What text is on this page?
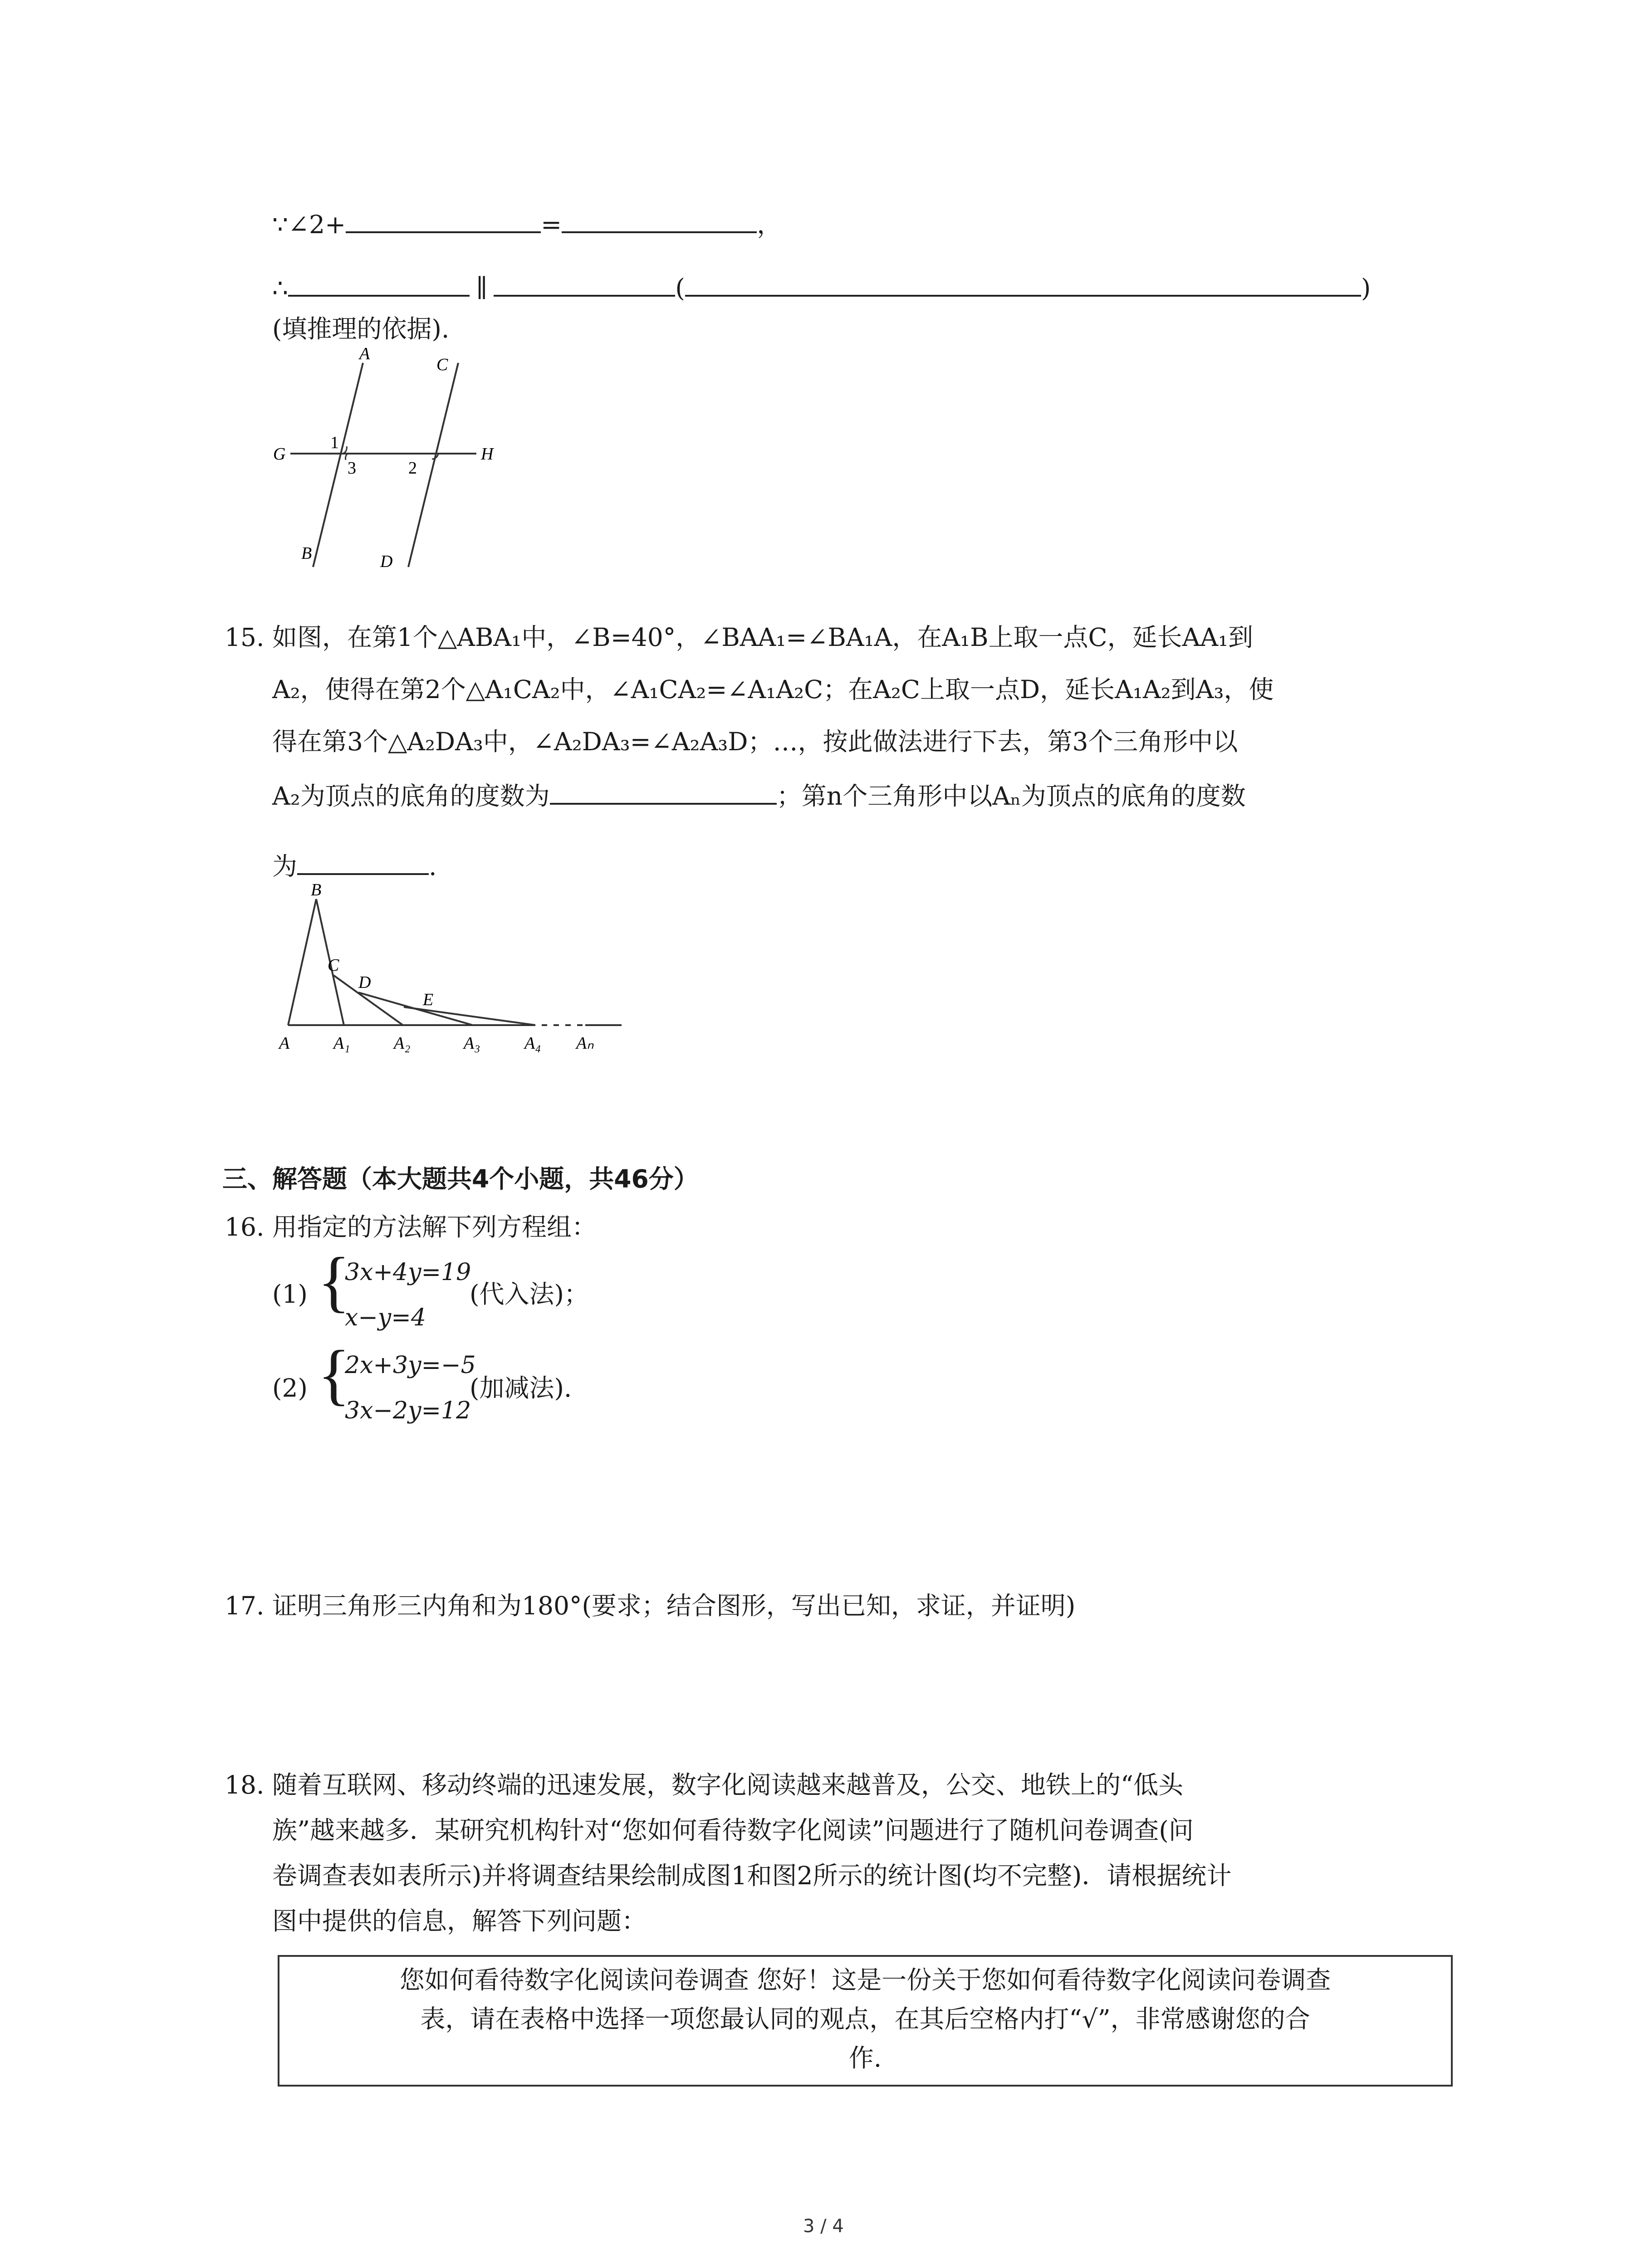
∵∠2+	=	，
∴	∥	(	)
(填推理的依据).
A
C
G	H
B	D
1
3	2
15. 如图，在第1个△ABA₁中，∠B=40°，∠BAA₁=∠BA₁A，在A₁B上取一点C，延长AA₁到
A₂，使得在第2个△A₁CA₂中，∠A₁CA₂=∠A₁A₂C；在A₂C上取一点D，延长A₁A₂到A₃，使
得在第3个△A₂DA₃中，∠A₂DA₃=∠A₂A₃D；…，按此做法进行下去，第3个三角形中以
A₂为顶点的底角的度数为	；第n个三角形中以Aₙ为顶点的底角的度数
为	.
B
C
D
E
A	A₁	A₂	A₃	A₄ Aₙ
三、解答题（本大题共4个小题，共46分）
16. 用指定的方法解下列方程组：
(1) {
3x+4y=19
x−y=4
(代入法)；
(2) {
2x+3y=−5
3x−2y=12
(加减法).
17. 证明三角形三内角和为180°(要求；结合图形，写出已知，求证，并证明)
18. 随着互联网、移动终端的迅速发展，数字化阅读越来越普及，公交、地铁上的“低头
族”越来越多．某研究机构针对“您如何看待数字化阅读”问题进行了随机问卷调查(问
卷调查表如表所示)并将调查结果绘制成图1和图2所示的统计图(均不完整)．请根据统计
图中提供的信息，解答下列问题：
您如何看待数字化阅读问卷调查 您好！这是一份关于您如何看待数字化阅读问卷调查
表，请在表格中选择一项您最认同的观点，在其后空格内打“√”，非常感谢您的合
作.
3 / 4
